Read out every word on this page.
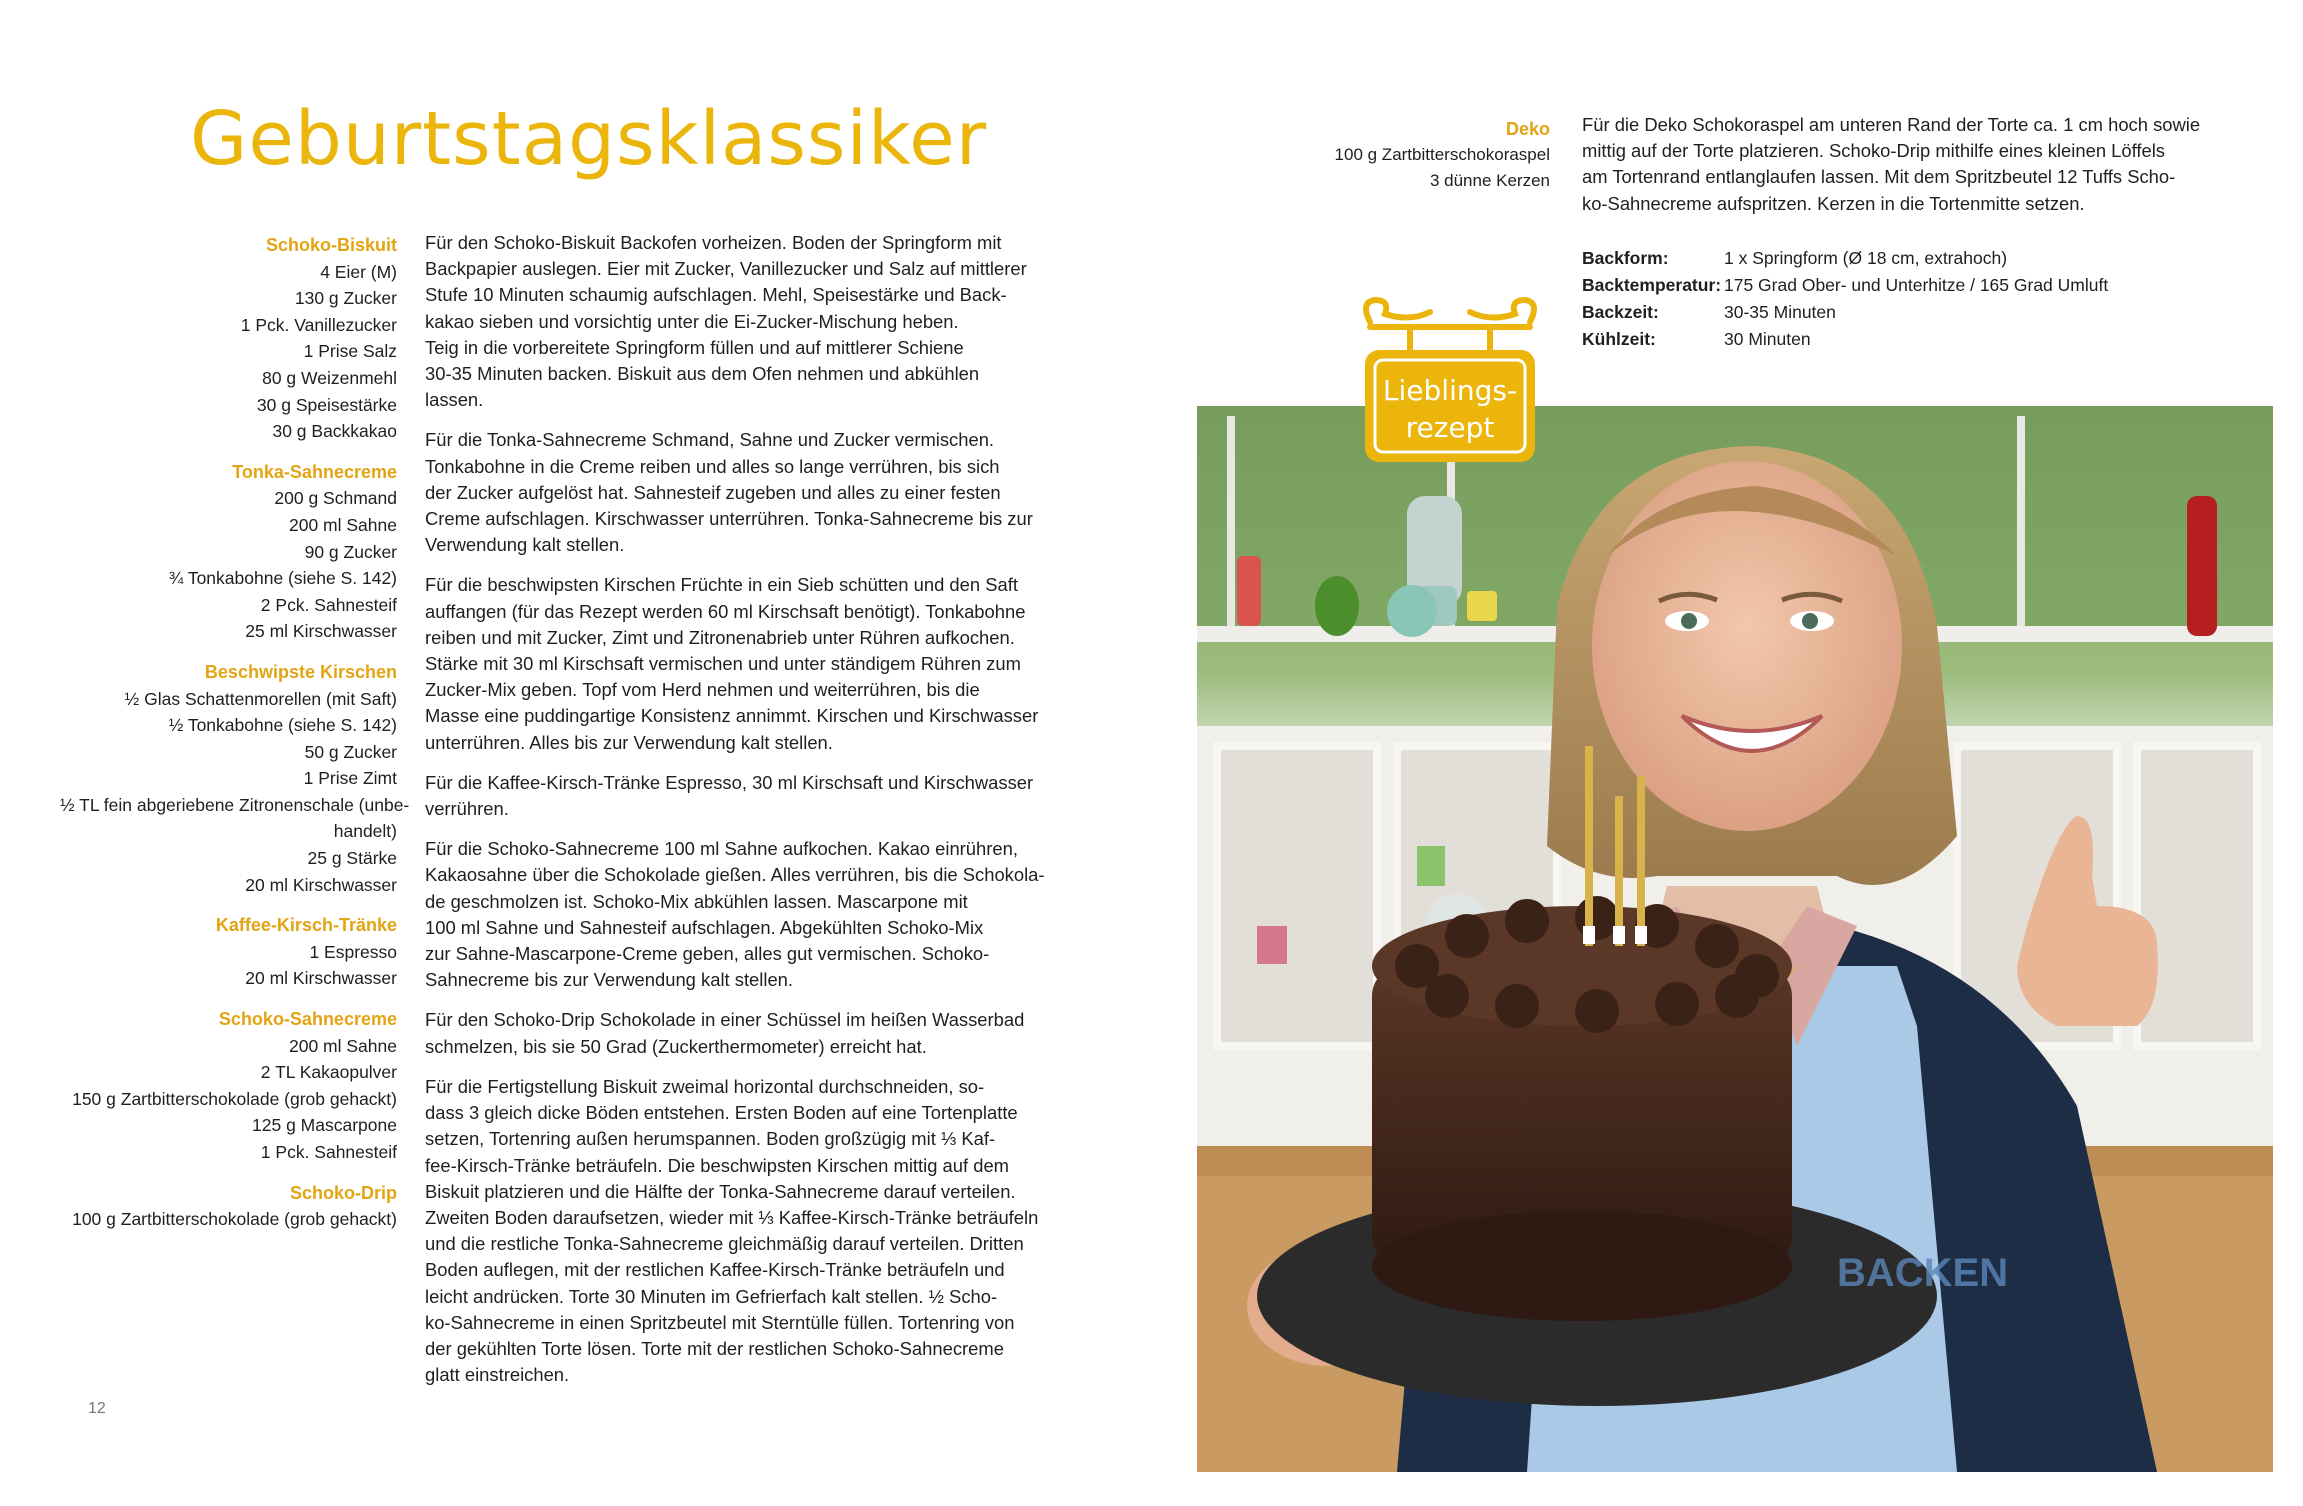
Geburtstagsklassiker
Schoko-Biskuit
4 Eier (M)
130 g Zucker
1 Pck. Vanillezucker
1 Prise Salz
80 g Weizenmehl
30 g Speisestärke
30 g Backkakao
Tonka-Sahnecreme
200 g Schmand
200 ml Sahne
90 g Zucker
¾ Tonkabohne (siehe S. 142)
2 Pck. Sahnesteif
25 ml Kirschwasser
Beschwipste Kirschen
½ Glas Schattenmorellen (mit Saft)
½ Tonkabohne (siehe S. 142)
50 g Zucker
1 Prise Zimt
½ TL fein abgeriebene Zitronenschale (unbe-
handelt)
25 g Stärke
20 ml Kirschwasser
Kaffee-Kirsch-Tränke
1 Espresso
20 ml Kirschwasser
Schoko-Sahnecreme
200 ml Sahne
2 TL Kakaopulver
150 g Zartbitterschokolade (grob gehackt)
125 g Mascarpone
1 Pck. Sahnesteif
Schoko-Drip
100 g Zartbitterschokolade (grob gehackt)

Für den Schoko-Biskuit Backofen vorheizen. Boden der Springform mit
Backpapier auslegen. Eier mit Zucker, Vanillezucker und Salz auf mittlerer
Stufe 10 Minuten schaumig aufschlagen. Mehl, Speisestärke und Back-
kakao sieben und vorsichtig unter die Ei-Zucker-Mischung heben.
Teig in die vorbereitete Springform füllen und auf mittlerer Schiene
30-35 Minuten backen. Biskuit aus dem Ofen nehmen und abkühlen
lassen.

Für die Tonka-Sahnecreme Schmand, Sahne und Zucker vermischen.
Tonkabohne in die Creme reiben und alles so lange verrühren, bis sich
der Zucker aufgelöst hat. Sahnesteif zugeben und alles zu einer festen
Creme aufschlagen. Kirschwasser unterrühren. Tonka-Sahnecreme bis zur
Verwendung kalt stellen.

Für die beschwipsten Kirschen Früchte in ein Sieb schütten und den Saft
auffangen (für das Rezept werden 60 ml Kirschsaft benötigt). Tonkabohne
reiben und mit Zucker, Zimt und Zitronenabrieb unter Rühren aufkochen.
Stärke mit 30 ml Kirschsaft vermischen und unter ständigem Rühren zum
Zucker-Mix geben. Topf vom Herd nehmen und weiterrühren, bis die
Masse eine puddingartige Konsistenz annimmt. Kirschen und Kirschwasser
unterrühren. Alles bis zur Verwendung kalt stellen.

Für die Kaffee-Kirsch-Tränke Espresso, 30 ml Kirschsaft und Kirschwasser
verrühren.

Für die Schoko-Sahnecreme 100 ml Sahne aufkochen. Kakao einrühren,
Kakaosahne über die Schokolade gießen. Alles verrühren, bis die Schokola-
de geschmolzen ist. Schoko-Mix abkühlen lassen. Mascarpone mit
100 ml Sahne und Sahnesteif aufschlagen. Abgekühlten Schoko-Mix
zur Sahne-Mascarpone-Creme geben, alles gut vermischen. Schoko-
Sahnecreme bis zur Verwendung kalt stellen.

Für den Schoko-Drip Schokolade in einer Schüssel im heißen Wasserbad
schmelzen, bis sie 50 Grad (Zuckerthermometer) erreicht hat.

Für die Fertigstellung Biskuit zweimal horizontal durchschneiden, so-
dass 3 gleich dicke Böden entstehen. Ersten Boden auf eine Tortenplatte
setzen, Tortenring außen herumspannen. Boden großzügig mit ⅓ Kaf-
fee-Kirsch-Tränke beträufeln. Die beschwipsten Kirschen mittig auf dem
Biskuit platzieren und die Hälfte der Tonka-Sahnecreme darauf verteilen.
Zweiten Boden daraufsetzen, wieder mit ⅓ Kaffee-Kirsch-Tränke beträufeln
und die restliche Tonka-Sahnecreme gleichmäßig darauf verteilen. Dritten
Boden auflegen, mit der restlichen Kaffee-Kirsch-Tränke beträufeln und
leicht andrücken. Torte 30 Minuten im Gefrierfach kalt stellen. ½ Scho-
ko-Sahnecreme in einen Spritzbeutel mit Sterntülle füllen. Tortenring von
der gekühlten Torte lösen. Torte mit der restlichen Schoko-Sahnecreme
glatt einstreichen.

12
Deko
100 g Zartbitterschokoraspel
3 dünne Kerzen
Für die Deko Schokoraspel am unteren Rand der Torte ca. 1 cm hoch sowie
mittig auf der Torte platzieren. Schoko-Drip mithilfe eines kleinen Löffels
am Tortenrand entlanglaufen lassen. Mit dem Spritzbeutel 12 Tuffs Scho-
ko-Sahnecreme aufspritzen. Kerzen in die Tortenmitte setzen.
Backform:	1 x Springform (Ø 18 cm, extrahoch)
Backtemperatur:	175 Grad Ober- und Unterhitze / 165 Grad Umluft
Backzeit:	30-35 Minuten
Kühlzeit:	30 Minuten
BACKEN
Lieblings-
rezept
